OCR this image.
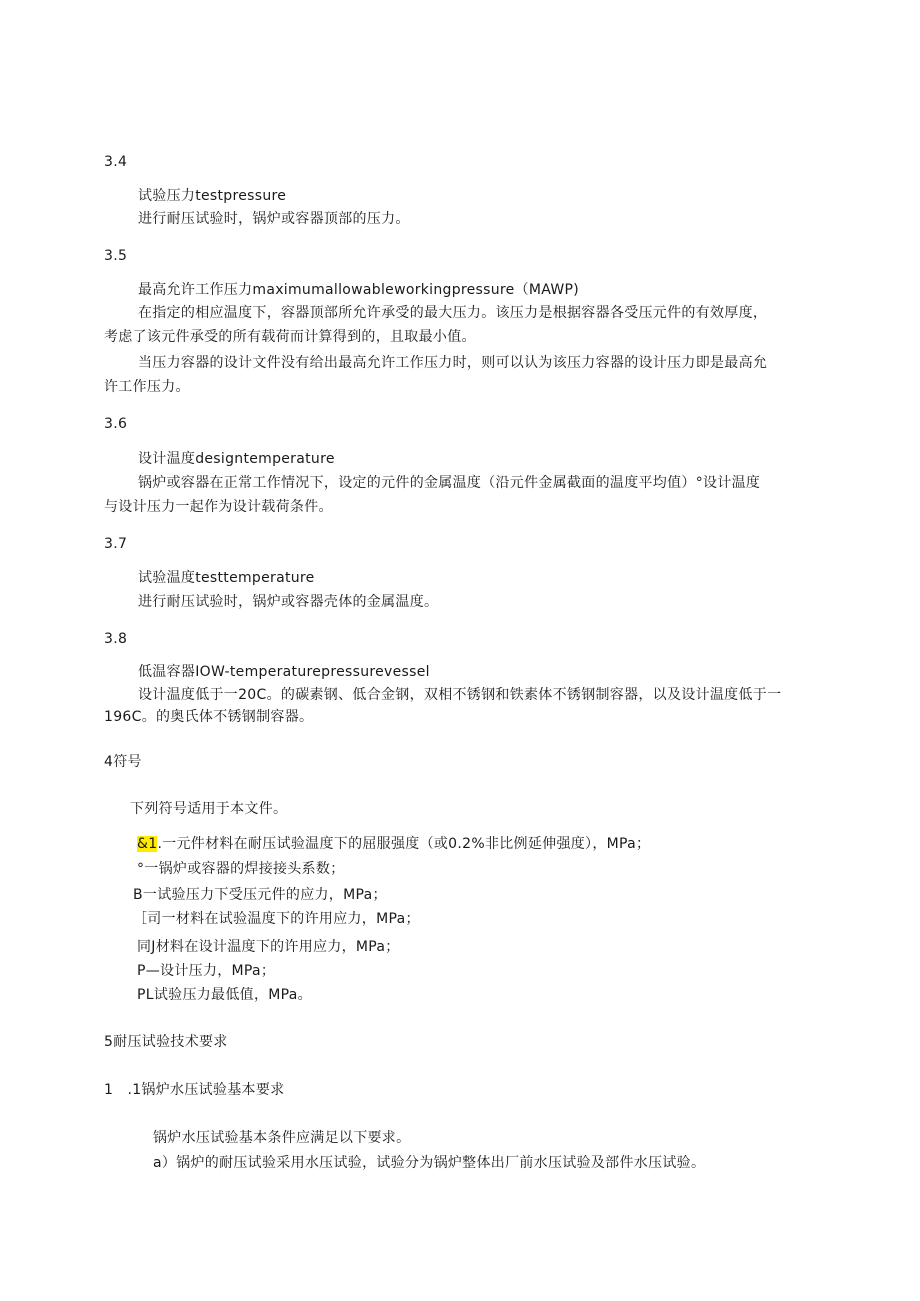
3.4
试验压力testpressure
进行耐压试验时，锅炉或容器顶部的压力。
3.5
最高允许工作压力maximumallowableworkingpressure（MAWP)
在指定的相应温度下，容器顶部所允许承受的最大压力。该压力是根据容器各受压元件的有效厚度，
考虑了该元件承受的所有载荷而计算得到的，且取最小值。
当压力容器的设计文件没有给出最高允许工作压力时，则可以认为该压力容器的设计压力即是最高允
许工作压力。
3.6
设计温度designtemperature
锅炉或容器在正常工作情况下，设定的元件的金属温度（沿元件金属截面的温度平均值）°设计温度
与设计压力一起作为设计载荷条件。
3.7
试验温度testtemperature
进行耐压试验时，锅炉或容器壳体的金属温度。
3.8
低温容器IOW-temperaturepressurevessel
设计温度低于一20C。的碳素钢、低合金钢，双相不锈钢和铁素体不锈钢制容器，以及设计温度低于一
196C。的奥氏体不锈钢制容器。
4符号
下列符号适用于本文件。
&1.一元件材料在耐压试验温度下的屈服强度（或0.2%非比例延伸强度），MPa；
°一锅炉或容器的焊接接头系数；
B一试验压力下受压元件的应力，MPa；
［司一材料在试验温度下的许用应力，MPa；
同J材料在设计温度下的许用应力，MPa；
P—设计压力，MPa；
PL试验压力最低值，MPa。
5耐压试验技术要求
1   .1锅炉水压试验基本要求
锅炉水压试验基本条件应满足以下要求。
a）锅炉的耐压试验采用水压试验，试验分为锅炉整体出厂前水压试验及部件水压试验。
